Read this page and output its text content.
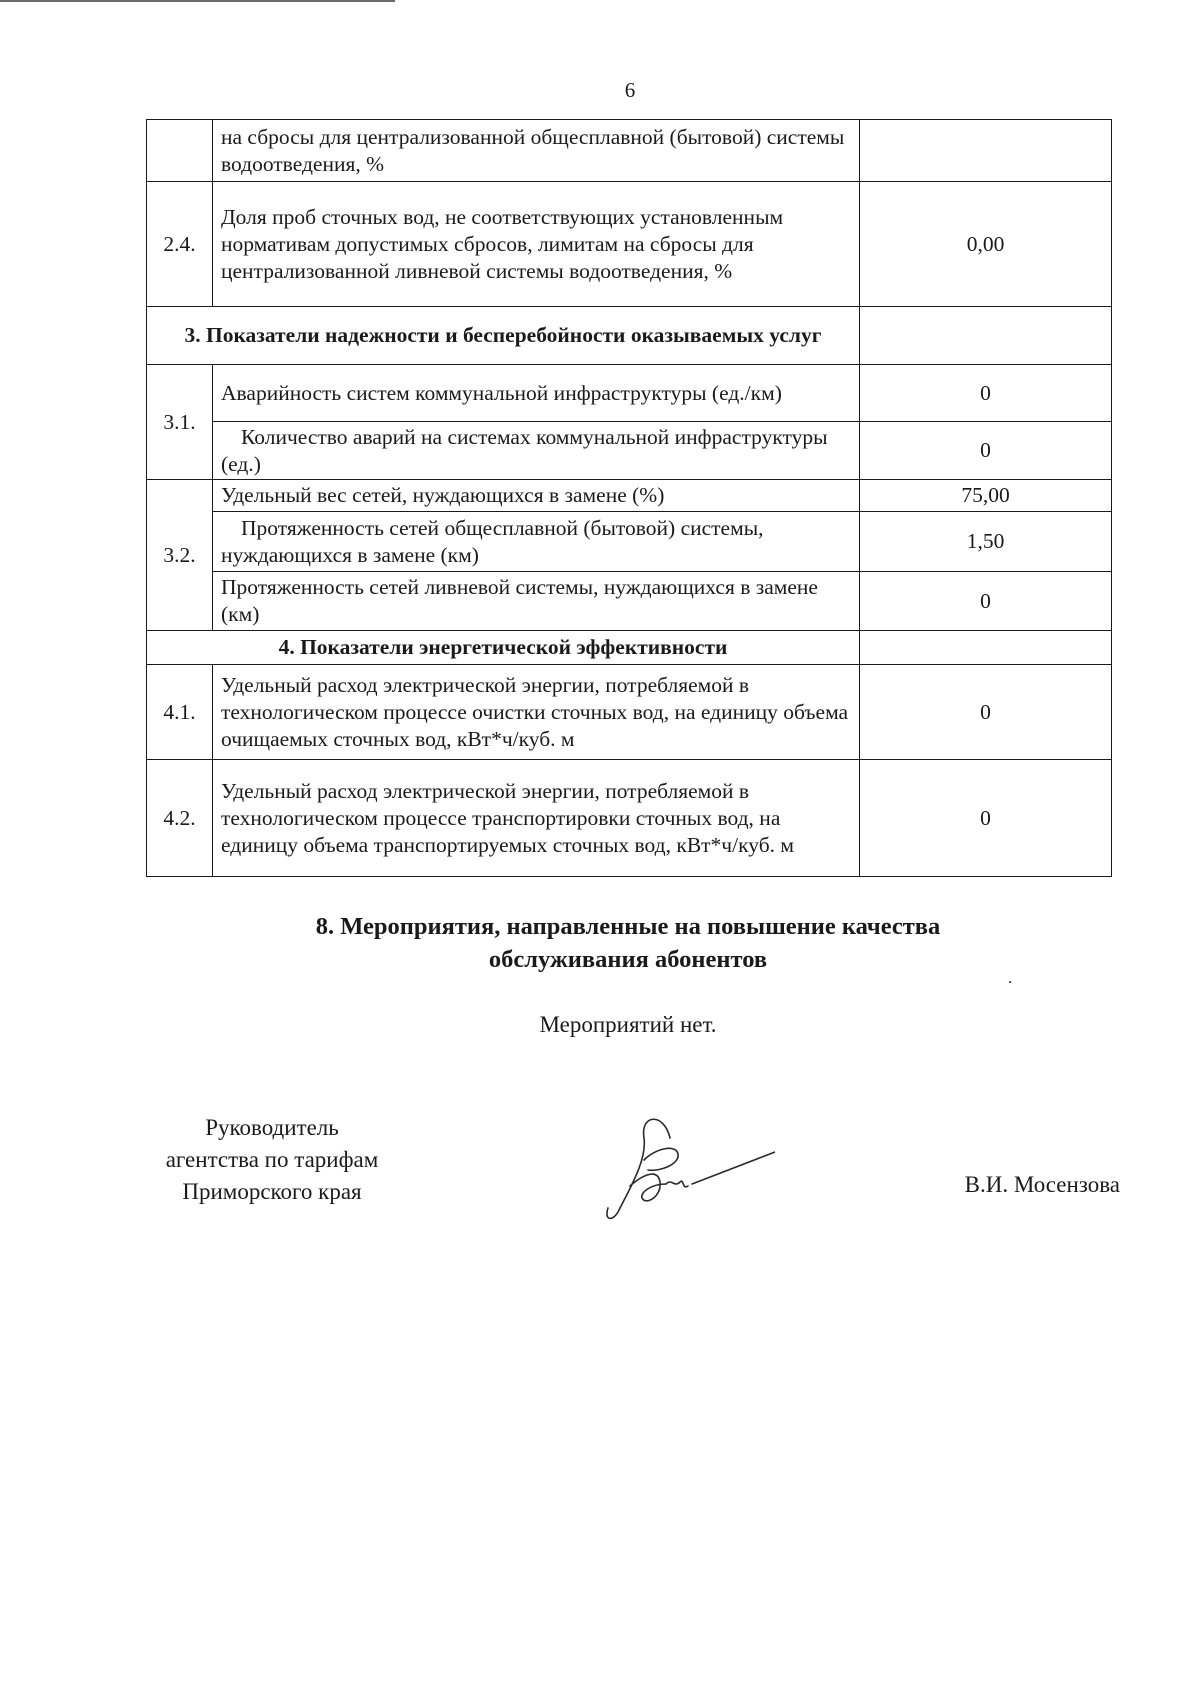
6
	на сбросы для централизованной общесплавной (бытовой) системы водоотведения, %	
2.4.	Доля проб сточных вод, не соответствующих установленным нормативам допустимых сбросов, лимитам на сбросы для централизованной ливневой системы водоотведения, %	0,00
3. Показатели надежности и бесперебойности оказываемых услуг		
3.1.	Аварийность систем коммунальной инфраструктуры (ед./км)	0
	Количество аварий на системах коммунальной инфраструктуры (ед.)	0
3.2.	Удельный вес сетей, нуждающихся в замене (%)	75,00
	Протяженность сетей общесплавной (бытовой) системы, нуждающихся в замене (км)	1,50
	Протяженность сетей ливневой системы, нуждающихся в замене (км)	0
4. Показатели энергетической эффективности		
4.1.	Удельный расход электрической энергии, потребляемой в технологическом процессе очистки сточных вод, на единицу объема очищаемых сточных вод, кВт*ч/куб. м	0
4.2.	Удельный расход электрической энергии, потребляемой в технологическом процессе транспортировки сточных вод, на единицу объема транспортируемых сточных вод, кВт*ч/куб. м	0
8. Мероприятия, направленные на повышение качества
обслуживания абонентов
Мероприятий нет.
Руководитель
агентства по тарифам
Приморского края	В.И. Мосензова
